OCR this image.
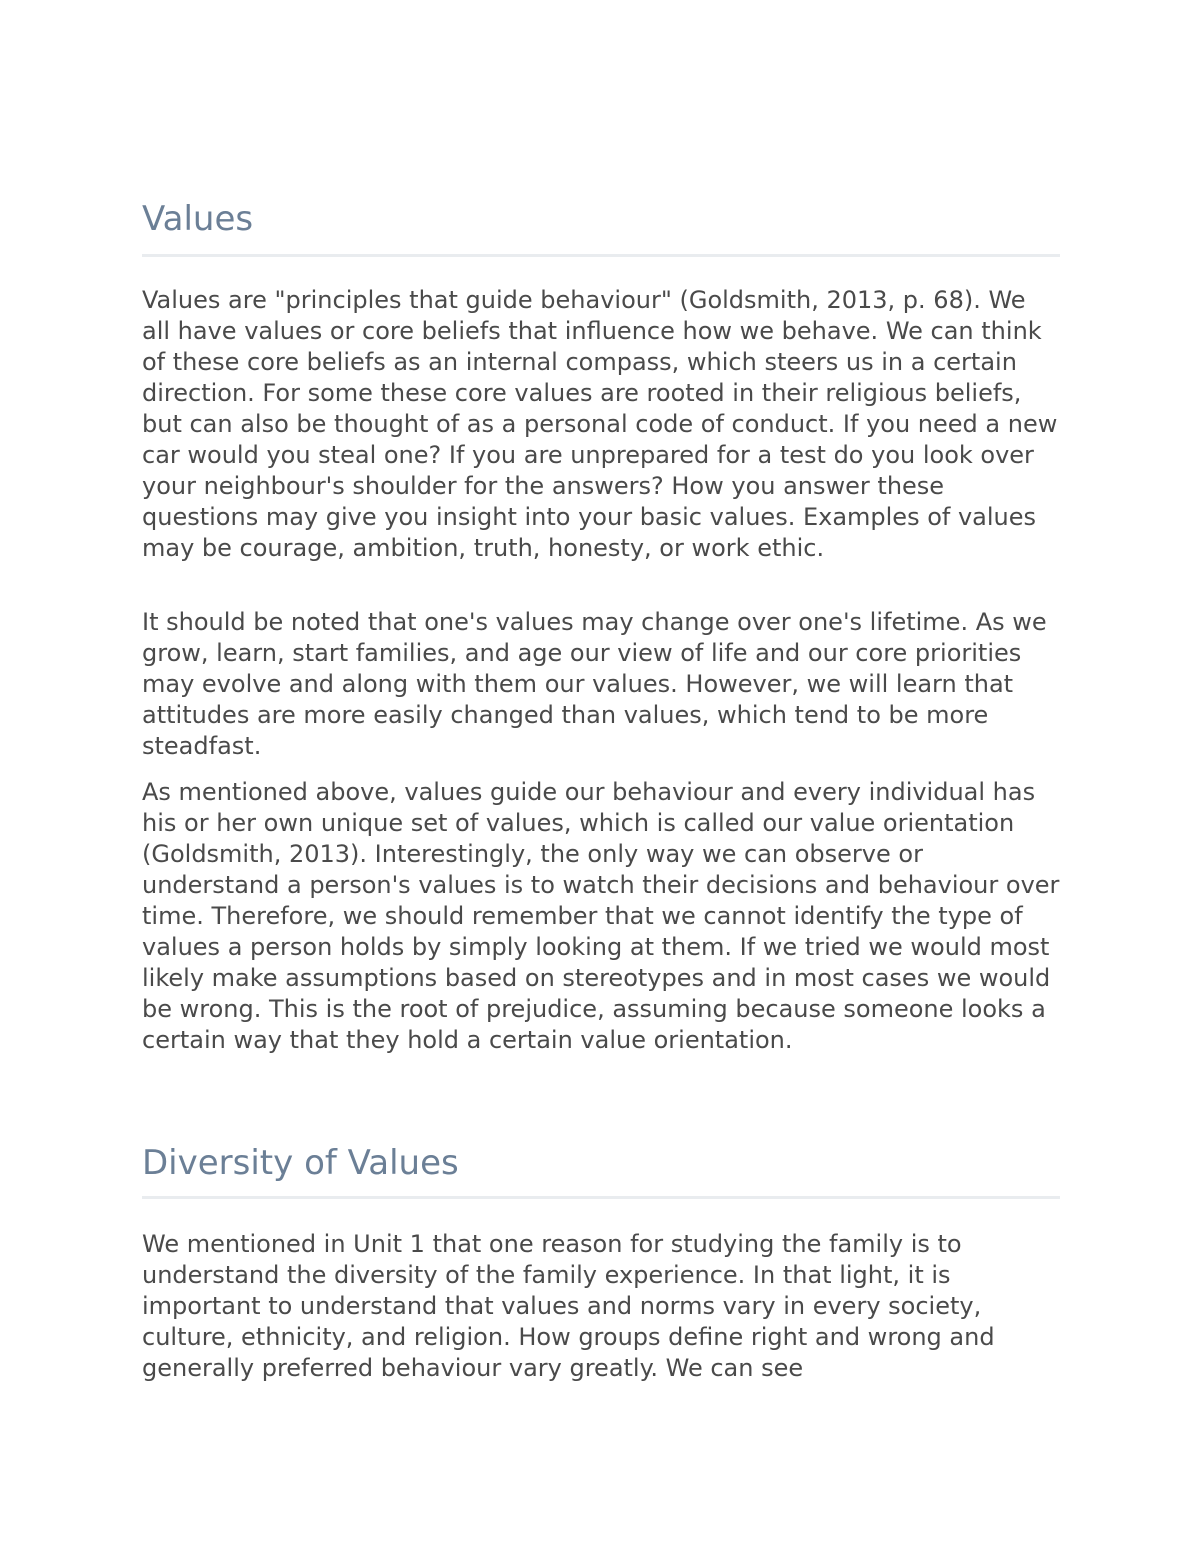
Values

Values are "principles that guide behaviour" (Goldsmith, 2013, p. 68). We all have values or core beliefs that influence how we behave. We can think of these core beliefs as an internal compass, which steers us in a certain direction. For some these core values are rooted in their religious beliefs, but can also be thought of as a personal code of conduct. If you need a new car would you steal one? If you are unprepared for a test do you look over your neighbour's shoulder for the answers? How you answer these questions may give you insight into your basic values. Examples of values may be courage, ambition, truth, honesty, or work ethic.

It should be noted that one's values may change over one's lifetime. As we grow, learn, start families, and age our view of life and our core priorities may evolve and along with them our values. However, we will learn that attitudes are more easily changed than values, which tend to be more steadfast.

As mentioned above, values guide our behaviour and every individual has his or her own unique set of values, which is called our value orientation (Goldsmith, 2013). Interestingly, the only way we can observe or understand a person's values is to watch their decisions and behaviour over time. Therefore, we should remember that we cannot identify the type of values a person holds by simply looking at them. If we tried we would most likely make assumptions based on stereotypes and in most cases we would be wrong. This is the root of prejudice, assuming because someone looks a certain way that they hold a certain value orientation.

Diversity of Values

We mentioned in Unit 1 that one reason for studying the family is to understand the diversity of the family experience. In that light, it is important to understand that values and norms vary in every society, culture, ethnicity, and religion. How groups define right and wrong and generally preferred behaviour vary greatly. We can see
